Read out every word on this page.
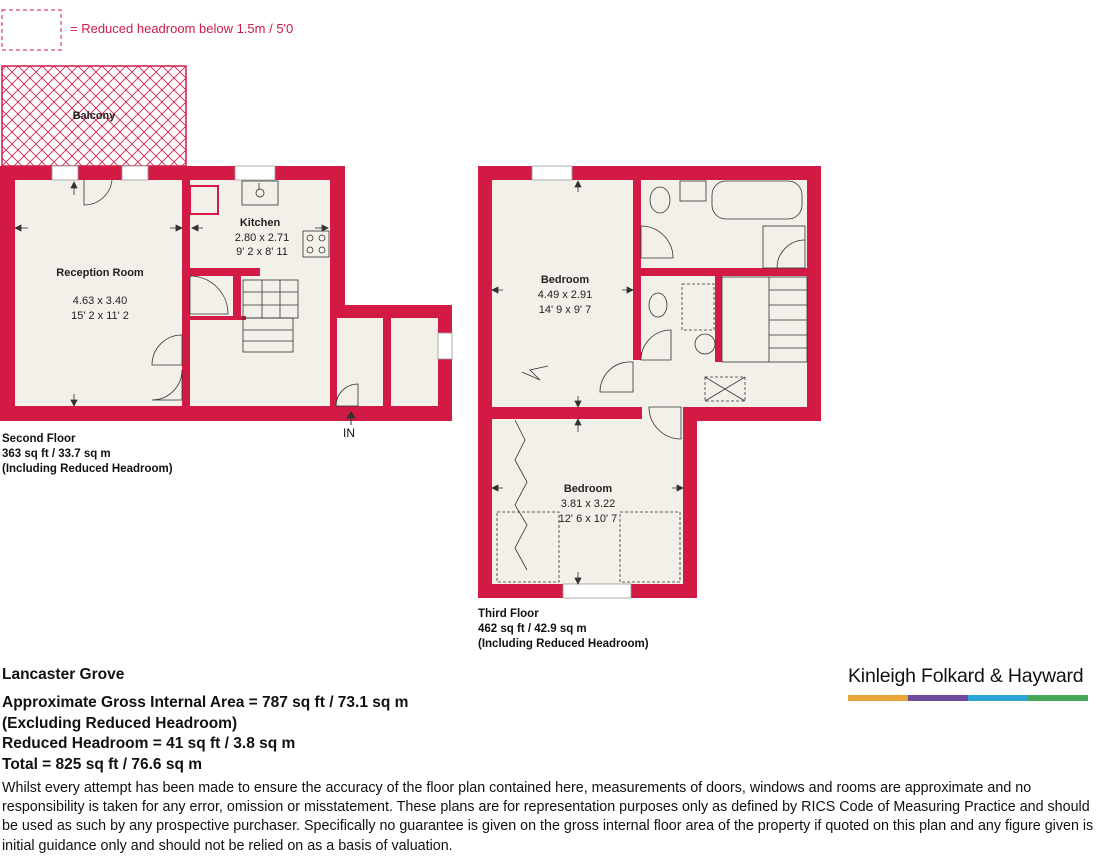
Balcony
Kitchen
2.80 x 2.71
9' 2 x 8' 11
Reception Room
4.63 x 3.40
15' 2 x 11' 2
Bedroom
4.49 x 2.91
14' 9 x 9' 7
Bedroom
3.81 x 3.22
12' 6 x 10' 7
= Reduced headroom below 1.5m / 5'0
IN
Second Floor
363 sq ft / 33.7 sq m
(Including Reduced Headroom)
Third Floor
462 sq ft / 42.9 sq m
(Including Reduced Headroom)
Lancaster Grove
Approximate Gross Internal Area = 787 sq ft / 73.1 sq m
(Excluding Reduced Headroom)
Reduced Headroom = 41 sq ft / 3.8 sq m
Total = 825 sq ft / 76.6 sq m
Kinleigh Folkard & Hayward
Whilst every attempt has been made to ensure the accuracy of the floor plan contained here, measurements of doors, windows and rooms are approximate and no responsibility is taken for any error, omission or misstatement. These plans are for representation purposes only as defined by RICS Code of Measuring Practice and should be used as such by any prospective purchaser. Specifically no guarantee is given on the gross internal floor area of the property if quoted on this plan and any figure given is initial guidance only and should not be relied on as a basis of valuation.
